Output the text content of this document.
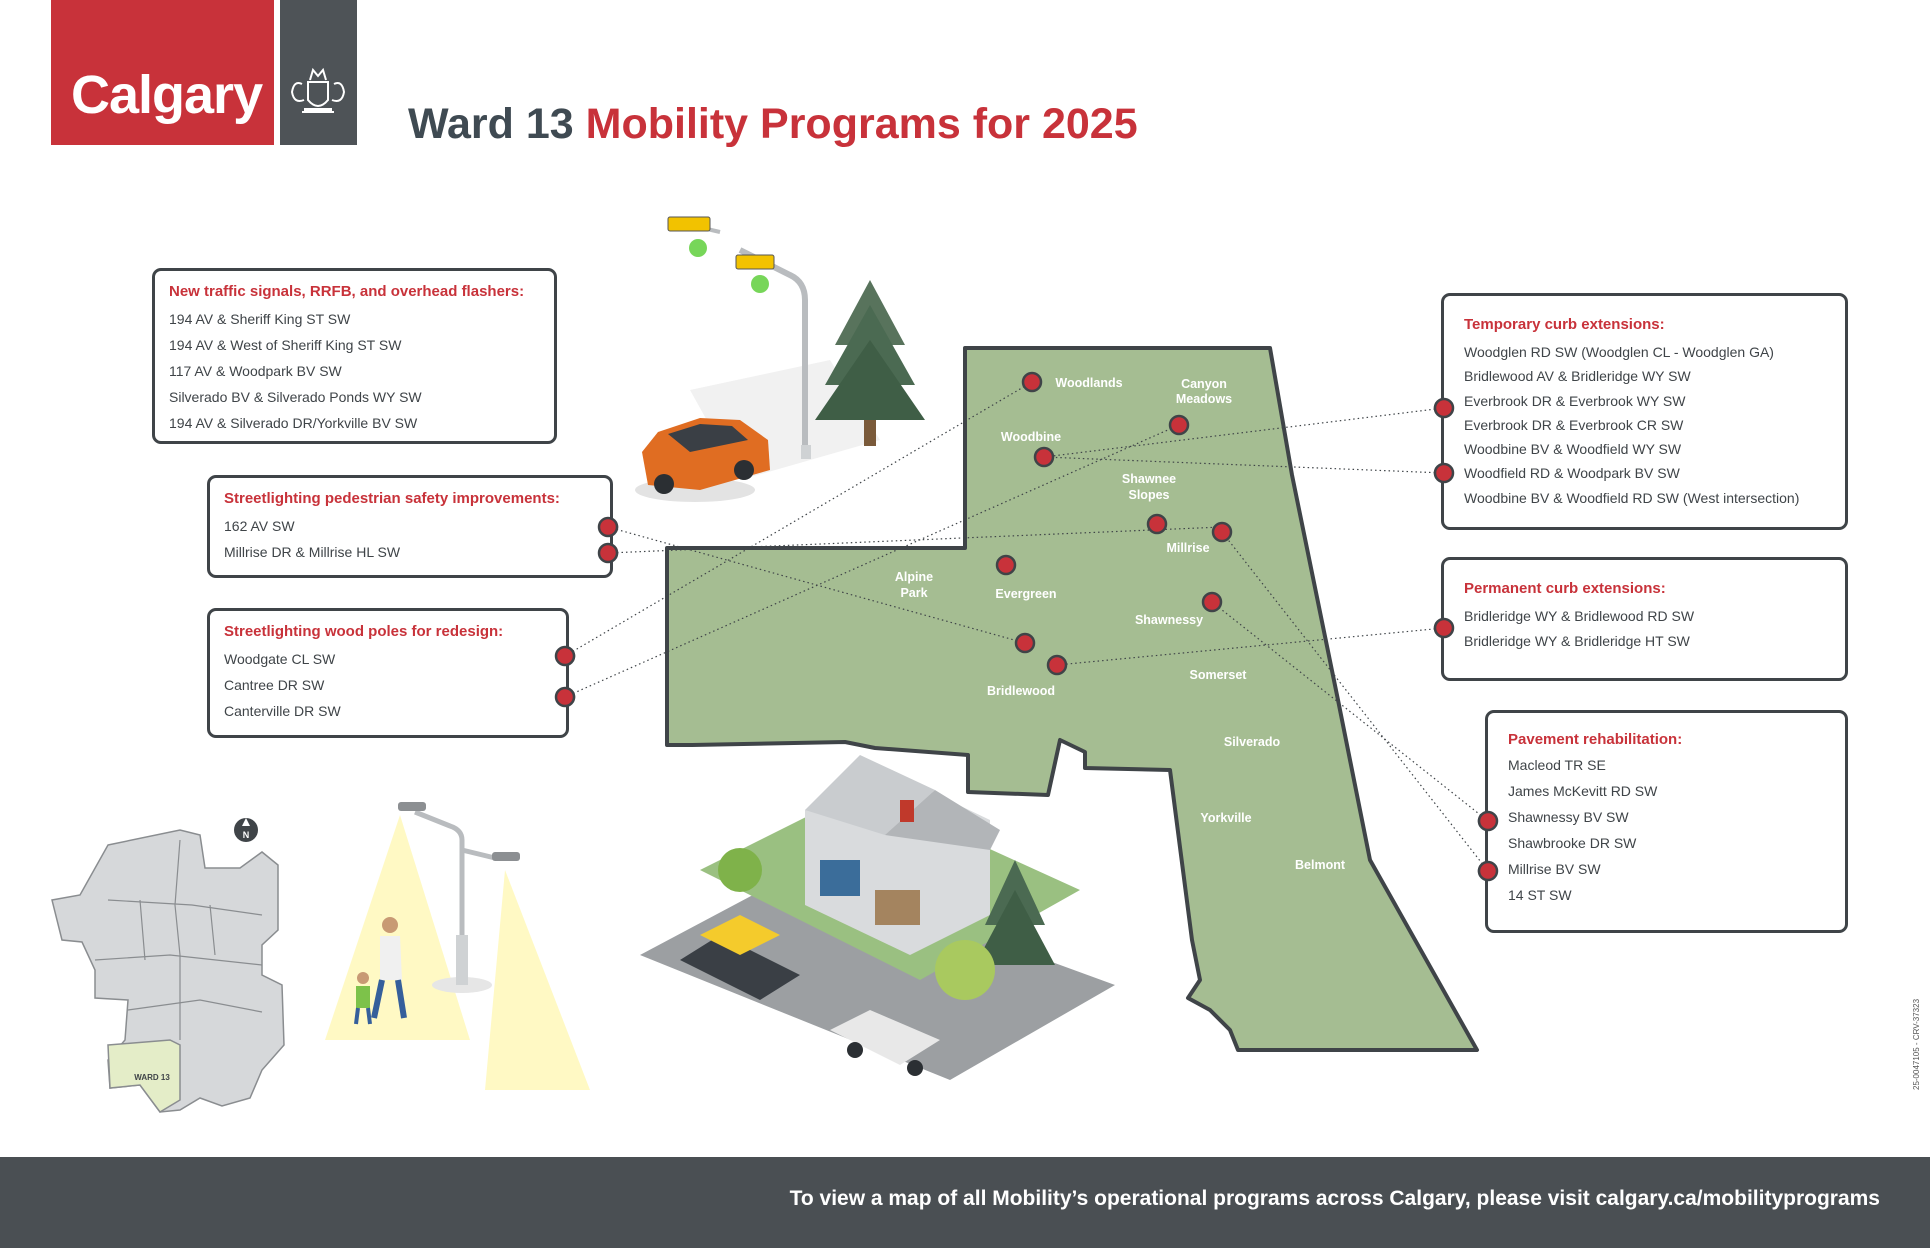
Calgary	Ward 13 Mobility Programs for 2025
Woodlands	Canyon
Meadows
Woodbine
Shawnee
Slopes
Millrise
Alpine
Park	Evergreen
Shawnessy
Somerset
Bridlewood
Silverado
Yorkville
Belmont
WARD 13
N
New traffic signals, RRFB, and overhead flashers:
194 AV & Sheriff King ST SW
194 AV & West of Sheriff King ST SW
117 AV & Woodpark BV SW
Silverado BV & Silverado Ponds WY SW
194 AV & Silverado DR/Yorkville BV SW
Streetlighting pedestrian safety improvements:
162 AV SW
Millrise DR & Millrise HL SW
Streetlighting wood poles for redesign:
Woodgate CL SW
Cantree DR SW
Canterville DR SW
Temporary curb extensions:
Woodglen RD SW (Woodglen CL - Woodglen GA)
Bridlewood AV & Bridleridge WY SW
Everbrook DR & Everbrook WY SW
Everbrook DR & Everbrook CR SW
Woodbine BV & Woodfield WY SW
Woodfield RD & Woodpark BV SW
Woodbine BV & Woodfield RD SW (West intersection)
Permanent curb extensions:
Bridleridge WY & Bridlewood RD SW
Bridleridge WY & Bridleridge HT SW
Pavement rehabilitation:
Macleod TR SE
James McKevitt RD SW
Shawnessy BV SW
Shawbrooke DR SW
Millrise BV SW
14 ST SW
25-0047105 - CRV-37323
To view a map of all Mobility’s operational programs across Calgary, please visit calgary.ca/mobilityprograms
